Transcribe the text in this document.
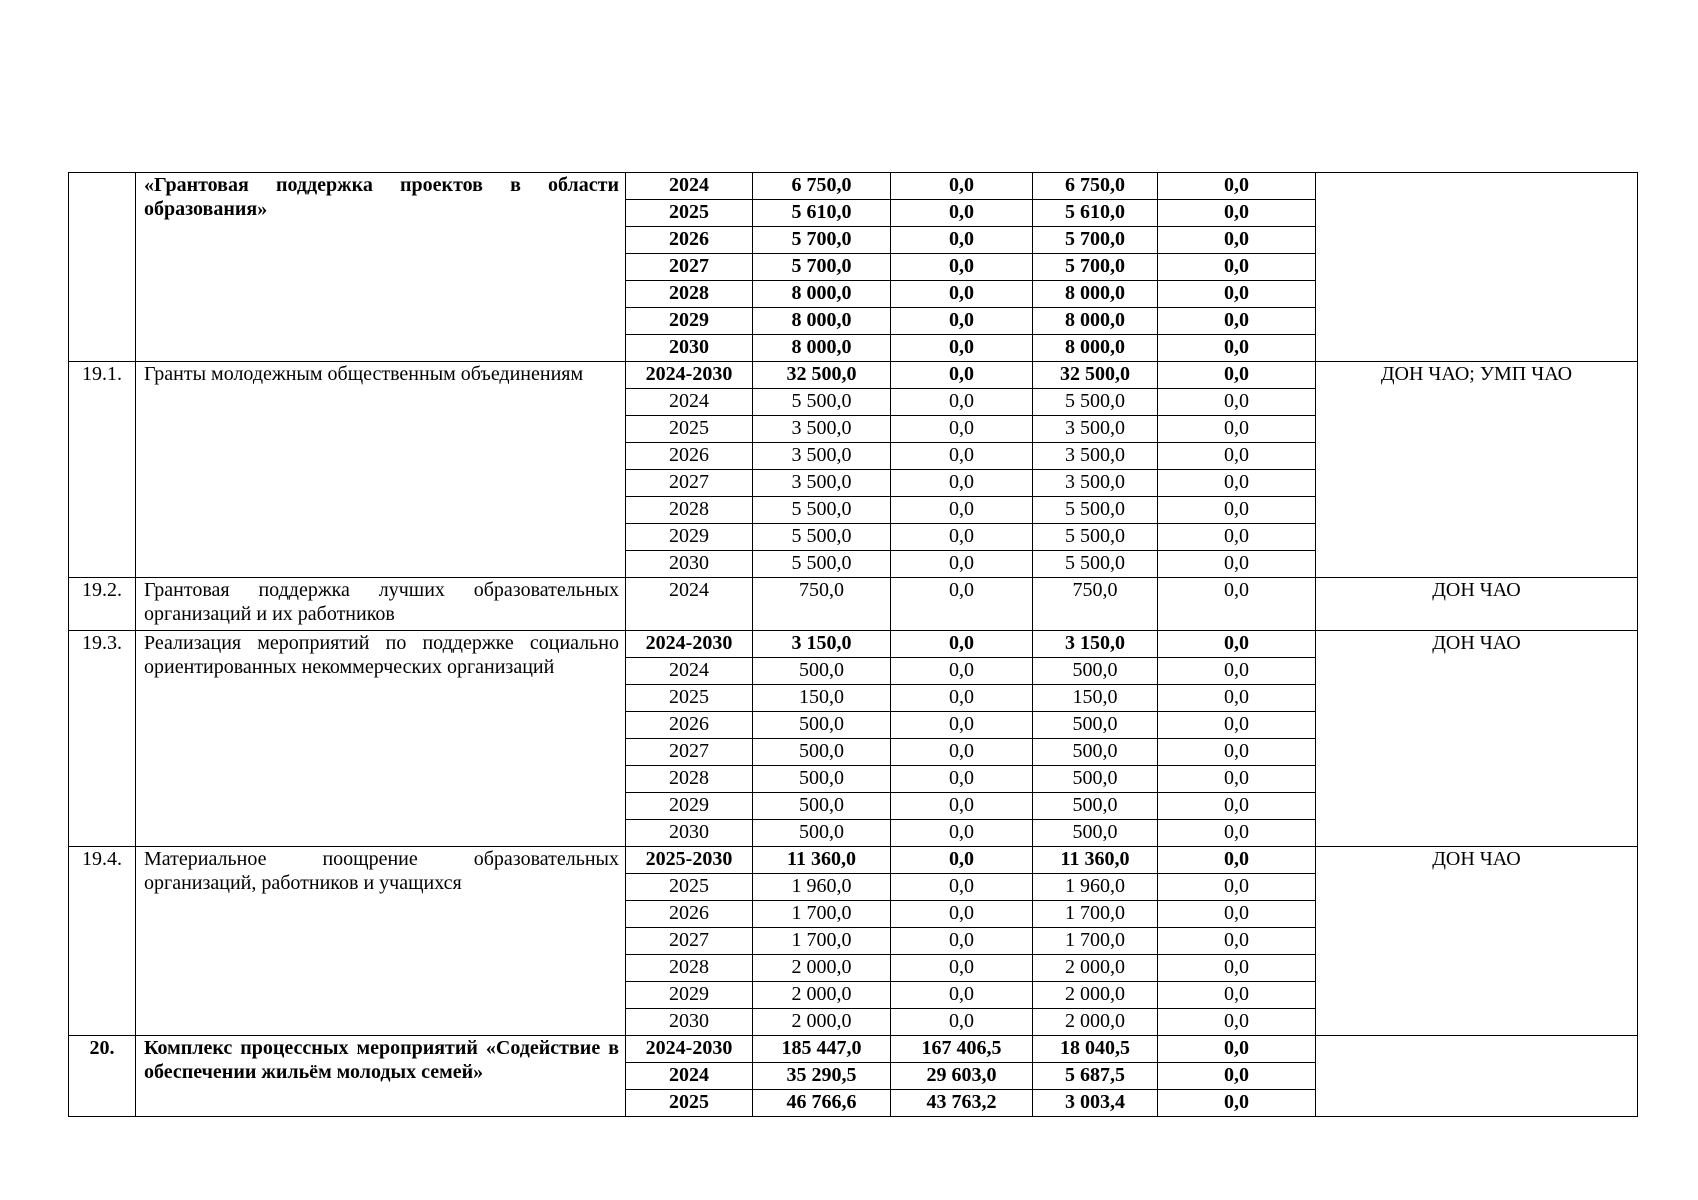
	«Грантовая поддержка проектов в области образования»	2024	6 750,0	0,0	6 750,0	0,0	
		2025	5 610,0	0,0	5 610,0	0,0	
		2026	5 700,0	0,0	5 700,0	0,0	
		2027	5 700,0	0,0	5 700,0	0,0	
		2028	8 000,0	0,0	8 000,0	0,0	
		2029	8 000,0	0,0	8 000,0	0,0	
		2030	8 000,0	0,0	8 000,0	0,0	
19.1.	Гранты молодежным общественным объединениям	2024-2030	32 500,0	0,0	32 500,0	0,0	ДОН ЧАО; УМП ЧАО
		2024	5 500,0	0,0	5 500,0	0,0	
		2025	3 500,0	0,0	3 500,0	0,0	
		2026	3 500,0	0,0	3 500,0	0,0	
		2027	3 500,0	0,0	3 500,0	0,0	
		2028	5 500,0	0,0	5 500,0	0,0	
		2029	5 500,0	0,0	5 500,0	0,0	
		2030	5 500,0	0,0	5 500,0	0,0	
19.2.	Грантовая поддержка лучших образовательных организаций и их работников	2024	750,0	0,0	750,0	0,0	ДОН ЧАО
19.3.	Реализация мероприятий по поддержке социально ориентированных некоммерческих организаций	2024-2030	3 150,0	0,0	3 150,0	0,0	ДОН ЧАО
		2024	500,0	0,0	500,0	0,0	
		2025	150,0	0,0	150,0	0,0	
		2026	500,0	0,0	500,0	0,0	
		2027	500,0	0,0	500,0	0,0	
		2028	500,0	0,0	500,0	0,0	
		2029	500,0	0,0	500,0	0,0	
		2030	500,0	0,0	500,0	0,0	
19.4.	Материальное поощрение образовательных организаций, работников и учащихся	2025-2030	11 360,0	0,0	11 360,0	0,0	ДОН ЧАО
		2025	1 960,0	0,0	1 960,0	0,0	
		2026	1 700,0	0,0	1 700,0	0,0	
		2027	1 700,0	0,0	1 700,0	0,0	
		2028	2 000,0	0,0	2 000,0	0,0	
		2029	2 000,0	0,0	2 000,0	0,0	
		2030	2 000,0	0,0	2 000,0	0,0	
20.	Комплекс процессных мероприятий «Содействие в обеспечении жильём молодых семей»	2024-2030	185 447,0	167 406,5	18 040,5	0,0	
		2024	35 290,5	29 603,0	5 687,5	0,0	
		2025	46 766,6	43 763,2	3 003,4	0,0	
